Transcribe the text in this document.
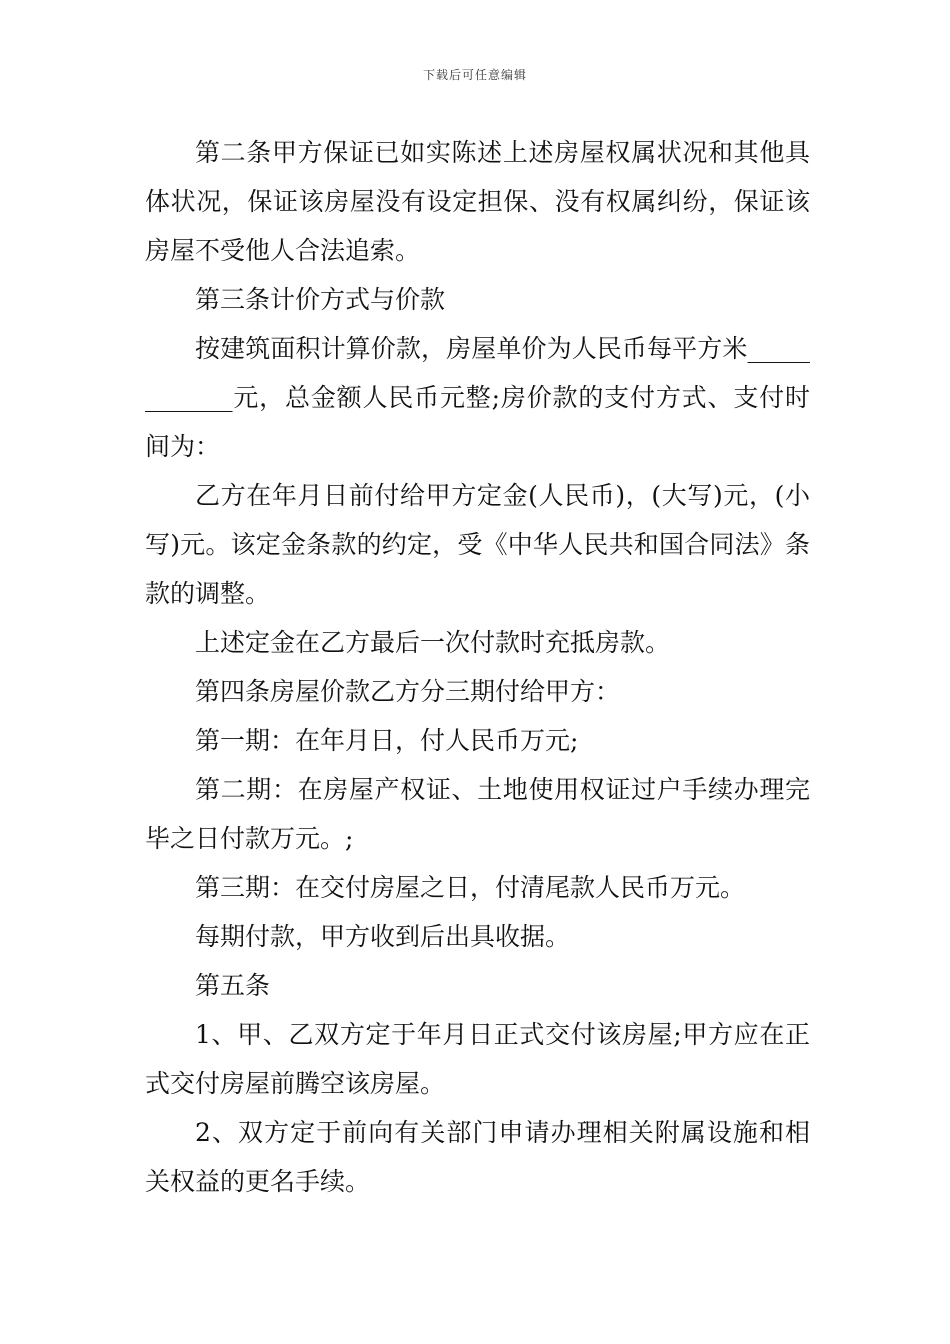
下载后可任意编辑

第二条甲方保证已如实陈述上述房屋权属状况和其他具体状况，保证该房屋没有设定担保、没有权属纠纷，保证该房屋不受他人合法追索。

第三条计价方式与价款

按建筑面积计算价款，房屋单价为人民币每平方米____________元，总金额人民币元整;房价款的支付方式、支付时间为：

乙方在年月日前付给甲方定金(人民币)，(大写)元，(小写)元。该定金条款的约定，受《中华人民共和国合同法》条款的调整。

上述定金在乙方最后一次付款时充抵房款。

第四条房屋价款乙方分三期付给甲方：

第一期：在年月日，付人民币万元;

第二期：在房屋产权证、土地使用权证过户手续办理完毕之日付款万元。;

第三期：在交付房屋之日，付清尾款人民币万元。

每期付款，甲方收到后出具收据。

第五条

1、甲、乙双方定于年月日正式交付该房屋;甲方应在正式交付房屋前腾空该房屋。

2、双方定于前向有关部门申请办理相关附属设施和相关权益的更名手续。
